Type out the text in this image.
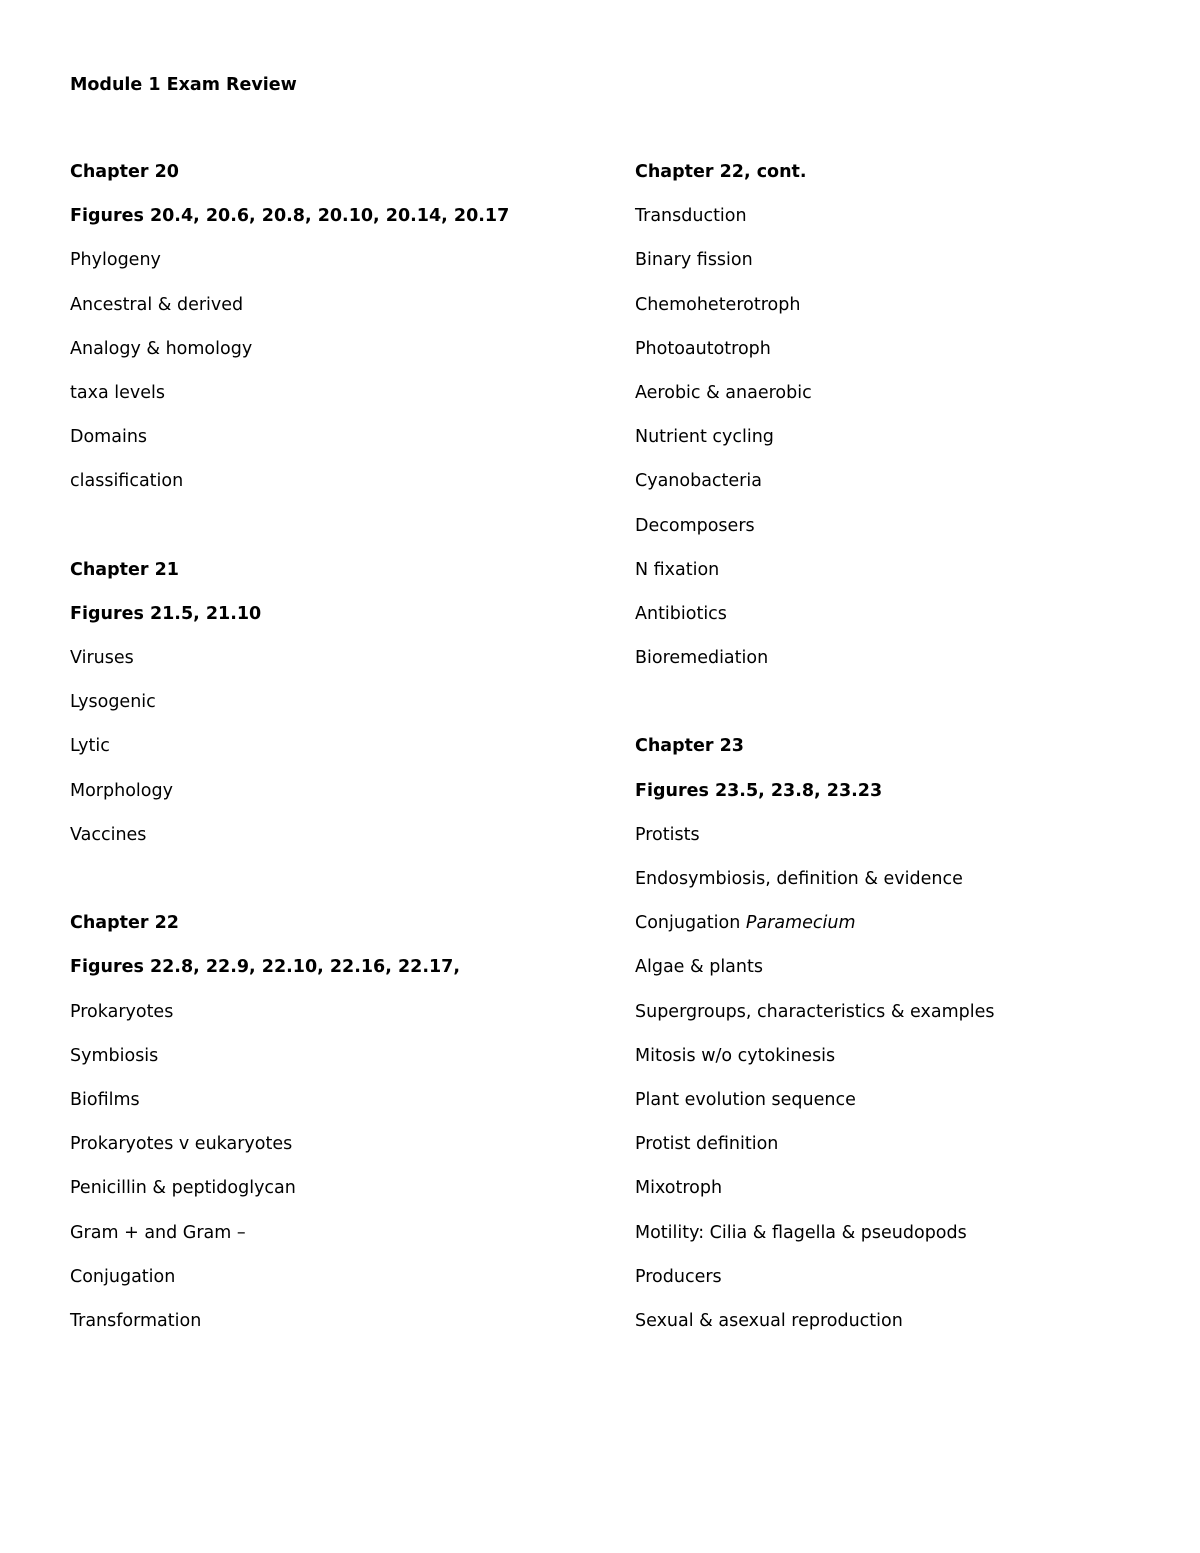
Module 1 Exam Review
Chapter 20
Figures 20.4, 20.6, 20.8, 20.10, 20.14, 20.17
Phylogeny
Ancestral & derived
Analogy & homology
taxa levels
Domains
classification
Chapter 21
Figures 21.5, 21.10
Viruses
Lysogenic
Lytic
Morphology
Vaccines
Chapter 22
Figures 22.8, 22.9, 22.10, 22.16, 22.17,
Prokaryotes
Symbiosis
Biofilms
Prokaryotes v eukaryotes
Penicillin & peptidoglycan
Gram + and Gram –
Conjugation
Transformation
Chapter 22, cont.
Transduction
Binary fission
Chemoheterotroph
Photoautotroph
Aerobic & anaerobic
Nutrient cycling
Cyanobacteria
Decomposers
N fixation
Antibiotics
Bioremediation
Chapter 23
Figures 23.5, 23.8, 23.23
Protists
Endosymbiosis, definition & evidence
Conjugation Paramecium
Algae & plants
Supergroups, characteristics & examples
Mitosis w/o cytokinesis
Plant evolution sequence
Protist definition
Mixotroph
Motility: Cilia & flagella & pseudopods
Producers
Sexual & asexual reproduction
